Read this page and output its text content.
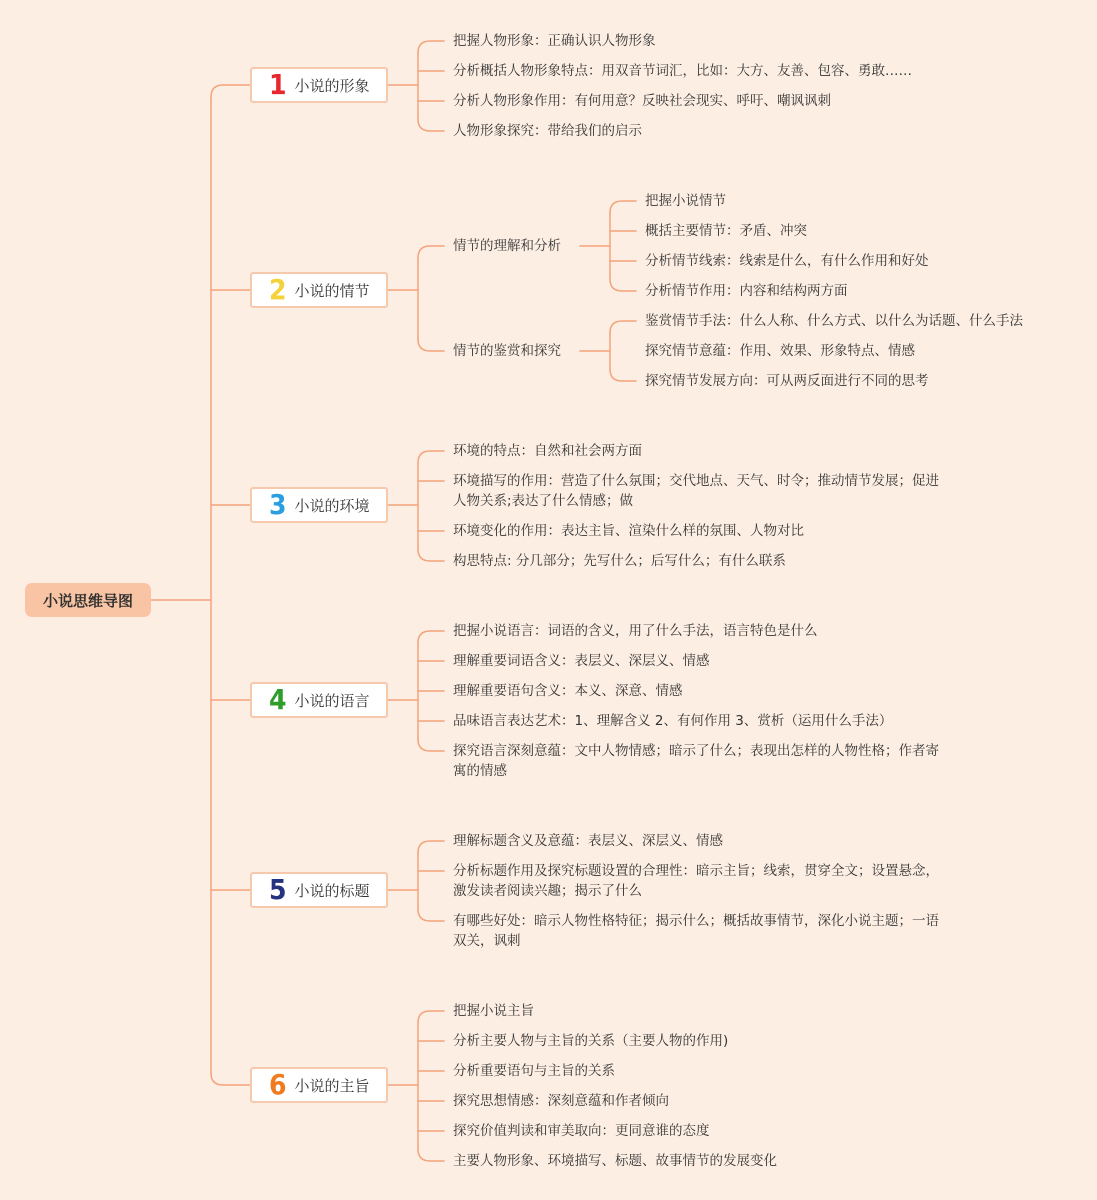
小说思维导图
1 小说的形象
把握人物形象：正确认识人物形象
分析概括人物形象特点：用双音节词汇，比如：大方、友善、包容、勇敢……
分析人物形象作用：有何用意？反映社会现实、呼吁、嘲讽讽刺
人物形象探究：带给我们的启示
2 小说的情节
情节的理解和分析
情节的鉴赏和探究
把握小说情节
概括主要情节：矛盾、冲突
分析情节线索：线索是什么，有什么作用和好处
分析情节作用：内容和结构两方面
鉴赏情节手法：什么人称、什么方式、以什么为话题、什么手法
探究情节意蕴：作用、效果、形象特点、情感
探究情节发展方向：可从两反面进行不同的思考
3 小说的环境
环境的特点：自然和社会两方面
环境描写的作用：营造了什么氛围；交代地点、天气、时令；推动情节发展；促进人物关系;表达了什么情感；做
环境变化的作用：表达主旨、渲染什么样的氛围、人物对比
构思特点: 分几部分；先写什么；后写什么；有什么联系
4 小说的语言
把握小说语言：词语的含义，用了什么手法，语言特色是什么
理解重要词语含义：表层义、深层义、情感
理解重要语句含义：本义、深意、情感
品味语言表达艺术：1、理解含义 2、有何作用 3、赏析（运用什么手法）
探究语言深刻意蕴：文中人物情感；暗示了什么；表现出怎样的人物性格；作者寄寓的情感
5 小说的标题
理解标题含义及意蕴：表层义、深层义、情感
分析标题作用及探究标题设置的合理性：暗示主旨；线索，贯穿全文；设置悬念，激发读者阅读兴趣；揭示了什么
有哪些好处：暗示人物性格特征；揭示什么；概括故事情节，深化小说主题；一语双关，讽刺
6 小说的主旨
把握小说主旨
分析主要人物与主旨的关系（主要人物的作用)
分析重要语句与主旨的关系
探究思想情感：深刻意蕴和作者倾向
探究价值判读和审美取向：更同意谁的态度
主要人物形象、环境描写、标题、故事情节的发展变化
